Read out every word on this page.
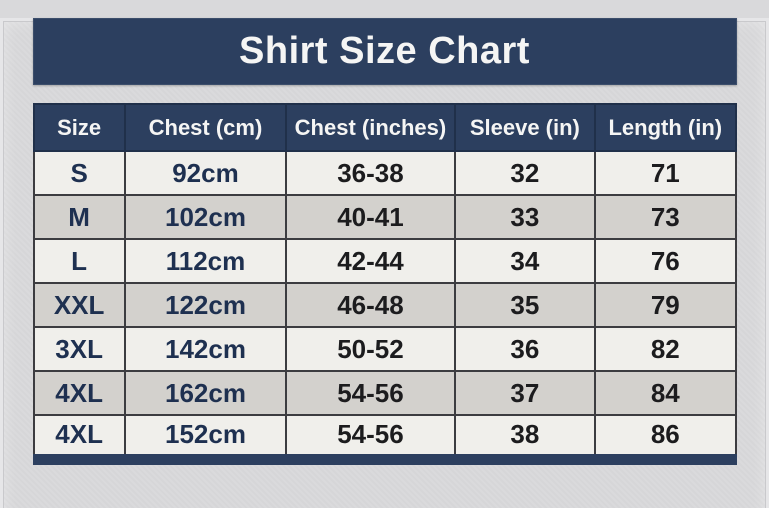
Shirt Size Chart
Size	Chest (cm)	Chest (inches)	Sleeve (in)	Length (in)
S	92cm	36-38	32	71
M	102cm	40-41	33	73
L	112cm	42-44	34	76
XXL	122cm	46-48	35	79
3XL	142cm	50-52	36	82
4XL	162cm	54-56	37	84
4XL	152cm	54-56	38	86
